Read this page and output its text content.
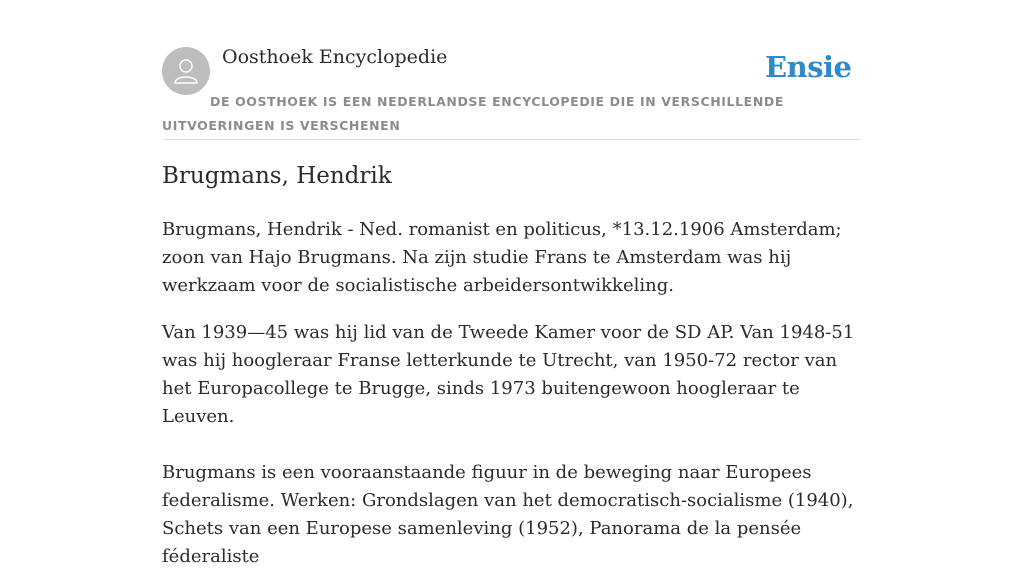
Oosthoek Encyclopedie	Ensie
DE OOSTHOEK IS EEN NEDERLANDSE ENCYCLOPEDIE DIE IN VERSCHILLENDE UITVOERINGEN IS VERSCHENEN
Brugmans, Hendrik

Brugmans, Hendrik - Ned. romanist en politicus, *13.12.1906 Amsterdam; zoon van Hajo Brugmans. Na zijn studie Frans te Amsterdam was hij werkzaam voor de socialistische arbeidersontwikkeling.

Van 1939—45 was hij lid van de Tweede Kamer voor de SD AP. Van 1948-51 was hij hoogleraar Franse letterkunde te Utrecht, van 1950-72 rector van het Europacollege te Brugge, sinds 1973 buitengewoon hoogleraar te Leuven.

Brugmans is een vooraanstaande figuur in de beweging naar Europees federalisme. Werken: Grondslagen van het democratisch-socialisme (1940), Schets van een Europese samenleving (1952), Panorama de la pensée féderaliste
